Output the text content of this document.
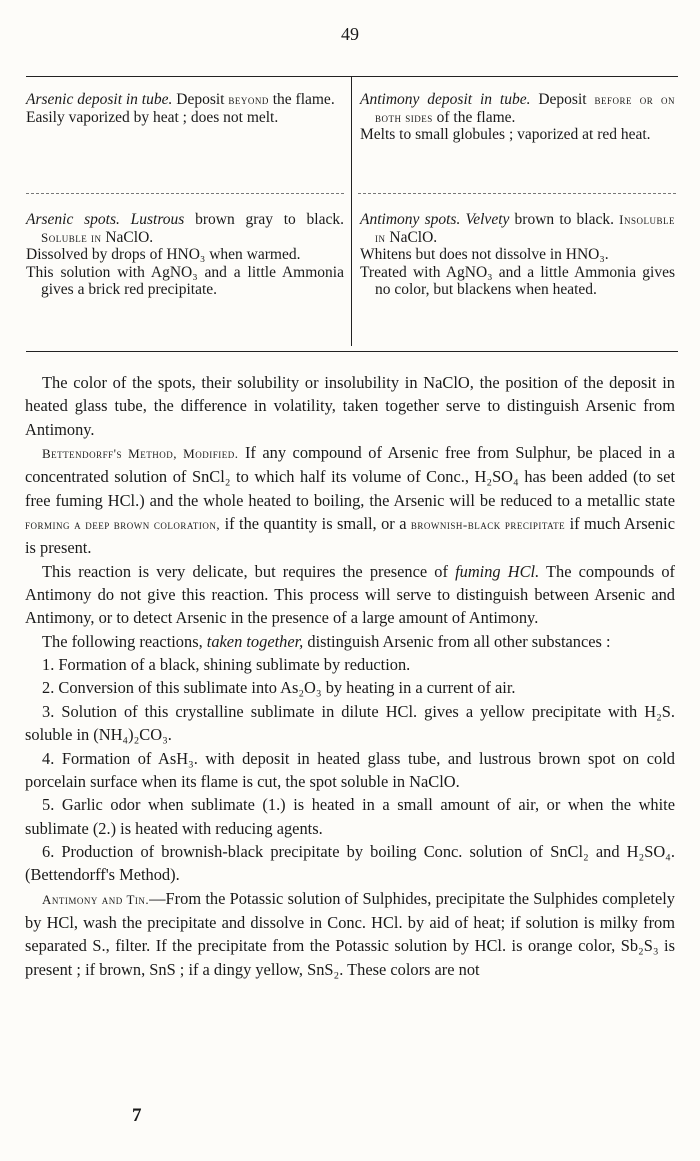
49

Arsenic deposit in tube. Deposit beyond the flame.

Easily vaporized by heat ; does not melt.

Antimony deposit in tube. Deposit before or on both sides of the flame.

Melts to small globules ; vaporized at red heat.

Arsenic spots. Lustrous brown gray to black. Soluble in NaClO.

Dissolved by drops of HNO₃ when warmed.

This solution with AgNO₃ and a little Ammonia gives a brick red precipitate.

Antimony spots. Velvety brown to black. Insoluble in NaClO.

Whitens but does not dissolve in HNO₃.

Treated with AgNO₃ and a little Ammonia gives no color, but blackens when heated.

The color of the spots, their solubility or insolubility in NaClO, the position of the deposit in heated glass tube, the difference in volatility, taken together serve to distinguish Arsenic from Antimony.

Bettendorff's Method, Modified. If any compound of Arsenic free from Sulphur, be placed in a concentrated solution of SnCl₂ to which half its volume of Conc., H₂SO₄ has been added (to set free fuming HCl.) and the whole heated to boiling, the Arsenic will be reduced to a metallic state forming a deep brown coloration, if the quantity is small, or a brownish-black precipitate if much Arsenic is present.

This reaction is very delicate, but requires the presence of fuming HCl. The compounds of Antimony do not give this reaction. This process will serve to distinguish between Arsenic and Antimony, or to detect Arsenic in the presence of a large amount of Antimony.

The following reactions, taken together, distinguish Arsenic from all other substances :

1. Formation of a black, shining sublimate by reduction.

2. Conversion of this sublimate into As₂O₃ by heating in a current of air.

3. Solution of this crystalline sublimate in dilute HCl. gives a yellow precipitate with H₂S. soluble in (NH₄)₂CO₃.

4. Formation of AsH₃. with deposit in heated glass tube, and lustrous brown spot on cold porcelain surface when its flame is cut, the spot soluble in NaClO.

5. Garlic odor when sublimate (1.) is heated in a small amount of air, or when the white sublimate (2.) is heated with reducing agents.

6. Production of brownish-black precipitate by boiling Conc. solution of SnCl₂ and H₂SO₄. (Bettendorff's Method).

Antimony and Tin.—From the Potassic solution of Sulphides, precipitate the Sulphides completely by HCl, wash the precipitate and dissolve in Conc. HCl. by aid of heat; if solution is milky from separated S., filter. If the precipitate from the Potassic solution by HCl. is orange color, Sb₂S₃ is present ; if brown, SnS ; if a dingy yellow, SnS₂. These colors are not

7
